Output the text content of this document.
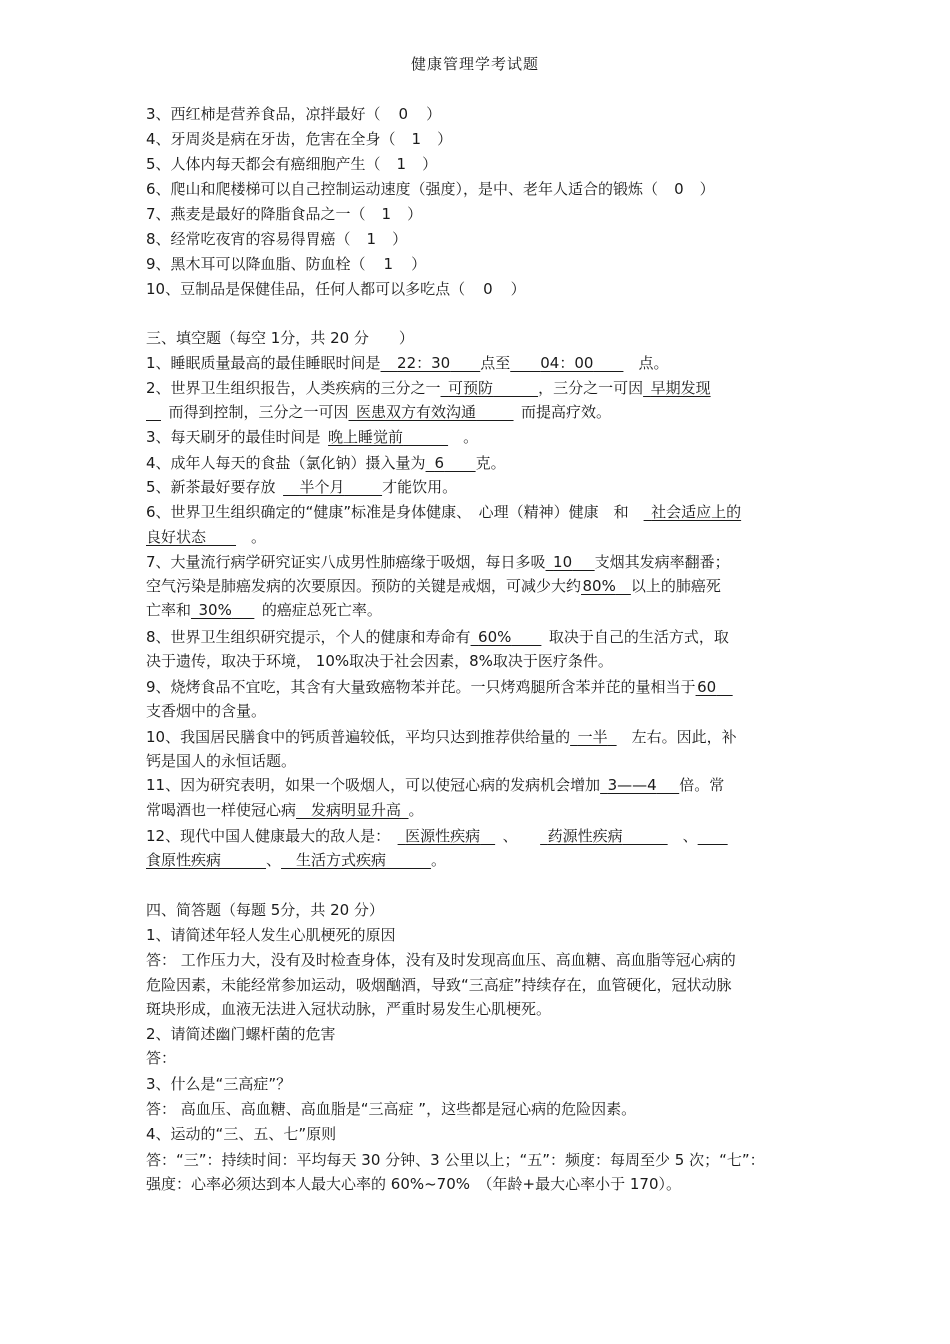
健康管理学考试题
3、西红柿是营养食品，凉拌最好（ 0 ）
4、牙周炎是病在牙齿，危害在全身（ 1 ）
5、人体内每天都会有癌细胞产生（ 1 ）
6、爬山和爬楼梯可以自己控制运动速度（强度），是中、老年人适合的锻炼（ 0 ）
7、燕麦是最好的降脂食品之一（ 1 ）
8、经常吃夜宵的容易得胃癌（ 1 ）
9、黑木耳可以降血脂、防血栓（ 1 ）
10、豆制品是保健佳品，任何人都可以多吃点（ 0 ）
三、填空题（每空 1分，共 20 分　　）
1、睡眠质量最高的最佳睡眠时间是   22：30   点至   04：00   	点。
2、世界卫生组织报告，人类疾病的三分之一  可预防   	，三分之一可因  早期发现
  而得到控制，三分之一可因  医患双方有效沟通    	而提高疗效。
3、每天刷牙的最佳时间是  晚上睡觉前    	。
4、成年人每天的食盐（氯化钠）摄入量为   6    克。
5、新茶最好要存放    半个月   	才能饮用。
6、世界卫生组织确定的“健康”标准是身体健康、　心理（精神）健康　和   社会适应上的
良好状态   	。
7、大量流行病学研究证实八成男性肺癌缘于吸烟，每日多吸  10   支烟其发病率翻番；
空气污染是肺癌发病的次要原因。预防的关键是戒烟，可减少大约  80%  以上的肺癌死
亡率和  30%    的癌症总死亡率。
8、世界卫生组织研究提示，个人的健康和寿命有  60%   	取决于自己的生活方式，取
决于遗传，取决于环境， 10%取决于社会因素，8%取决于医疗条件。
9、烧烤食品不宜吃，其含有大量致癌物苯并芘。一只烤鸡腿所含苯并芘的量相当于  60  
支香烟中的含量。
10、我国居民膳食中的钙质普遍较低，平均只达到推荐供给量的  一半    左右。因此，补
钙是国人的永恒话题。
11、因为研究表明，如果一个吸烟人，可以使冠心病的发病机会增加  3——4   倍。常
常喝酒也一样使冠心病  发病明显升高  。
12、现代中国人健康最大的敌人是：   医源性疾病   、    药源性疾病    	、  
食原性疾病   	、  生活方式疾病   	。
四、简答题（每题 5分，共 20 分）
1、请简述年轻人发生心肌梗死的原因
答： 工作压力大，没有及时检查身体，没有及时发现高血压、高血糖、高血脂等冠心病的
危险因素，未能经常参加运动，吸烟酗酒，导致“三高症”持续存在，血管硬化，冠状动脉
斑块形成，血液无法进入冠状动脉，严重时易发生心肌梗死。
2、请简述幽门螺杆菌的危害
答：
3、什么是“三高症”？
答： 高血压、高血糖、高血脂是“三高症 ”，这些都是冠心病的危险因素。
4、运动的“三、五、七”原则
答：“三”：持续时间：平均每天 30 分钟、3 公里以上；“五”：频度：每周至少 5 次；“七”：
强度：心率必须达到本人最大心率的 60%~70%　（年龄+最大心率小于 170）。
